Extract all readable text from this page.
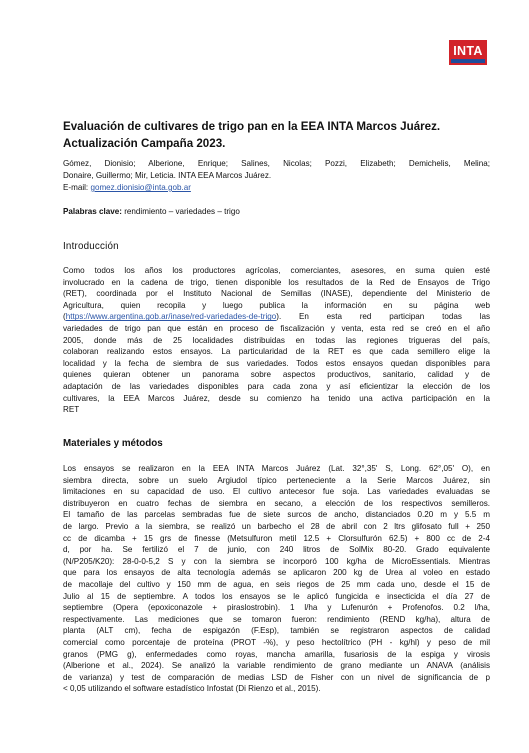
INTA
Evaluación de cultivares de trigo pan en la EEA INTA Marcos Juárez.
Actualización Campaña 2023.

Gómez, Dionisio; Alberione, Enrique; Salines, Nicolas; Pozzi, Elizabeth; Demichelis, Melina;
Donaire, Guillermo; Mir, Leticia. INTA EEA Marcos Juárez.

E-mail: gomez.dionisio@inta.gob.ar
Palabras clave: rendimiento – variedades – trigo
Introducción
Como todos los años los productores agrícolas, comerciantes, asesores, en suma quien esté
involucrado en la cadena de trigo, tienen disponible los resultados de la Red de Ensayos de Trigo
(RET), coordinada por el Instituto Nacional de Semillas (INASE), dependiente del Ministerio de
Agricultura, quien recopila y luego publica la información en su página web
(https://www.argentina.gob.ar/inase/red-variedades-de-trigo). En esta red participan todas las
variedades de trigo pan que están en proceso de fiscalización y venta, esta red se creó en el año
2005, donde más de 25 localidades distribuidas en todas las regiones trigueras del país,
colaboran realizando estos ensayos. La particularidad de la RET es que cada semillero elige la
localidad y la fecha de siembra de sus variedades. Todos estos ensayos quedan disponibles para
quienes quieran obtener un panorama sobre aspectos productivos, sanitario, calidad y de
adaptación de las variedades disponibles para cada zona y así eficientizar la elección de los
cultivares, la EEA Marcos Juárez, desde su comienzo ha tenido una activa participación en la
RET
Materiales y métodos
Los ensayos se realizaron en la EEA INTA Marcos Juárez (Lat. 32°,35' S, Long. 62°,05' O), en
siembra directa, sobre un suelo Argiudol típico perteneciente a la Serie Marcos Juárez, sin
limitaciones en su capacidad de uso. El cultivo antecesor fue soja. Las variedades evaluadas se
distribuyeron en cuatro fechas de siembra en secano, a elección de los respectivos semilleros.
El tamaño de las parcelas sembradas fue de siete surcos de ancho, distanciados 0.20 m y 5.5 m
de largo. Previo a la siembra, se realizó un barbecho el 28 de abril con 2 ltrs glifosato full + 250
cc de dicamba + 15 grs de finesse (Metsulfuron metil 12.5 + Clorsulfurón 62.5) + 800 cc de 2-4
d, por ha. Se fertilizó el 7 de junio, con 240 litros de SolMix 80-20. Grado equivalente
(N/P205/K20): 28-0-0-5,2 S y con la siembra se incorporó 100 kg/ha de MicroEssentials. Mientras
que para los ensayos de alta tecnología además se aplicaron 200 kg de Urea al voleo en estado
de macollaje del cultivo y 150 mm de agua, en seis riegos de 25 mm cada uno, desde el 15 de
Julio al 15 de septiembre. A todos los ensayos se le aplicó fungicida e insecticida el día 27 de
septiembre (Opera (epoxiconazole + piraslostrobin). 1 l/ha y Lufenurón + Profenofos. 0.2 l/ha,
respectivamente. Las mediciones que se tomaron fueron: rendimiento (REND kg/ha), altura de
planta (ALT cm), fecha de espigazón (F.Esp), también se registraron aspectos de calidad
comercial como porcentaje de proteína (PROT -%), y peso hectolítrico (PH - kg/hl) y peso de mil
granos (PMG g), enfermedades como royas, mancha amarilla, fusariosis de la espiga y virosis
(Alberione et al., 2024). Se analizó la variable rendimiento de grano mediante un ANAVA (análisis
de varianza) y test de comparación de medias LSD de Fisher con un nivel de significancia de p
< 0,05 utilizando el software estadístico Infostat (Di Rienzo et al., 2015).
